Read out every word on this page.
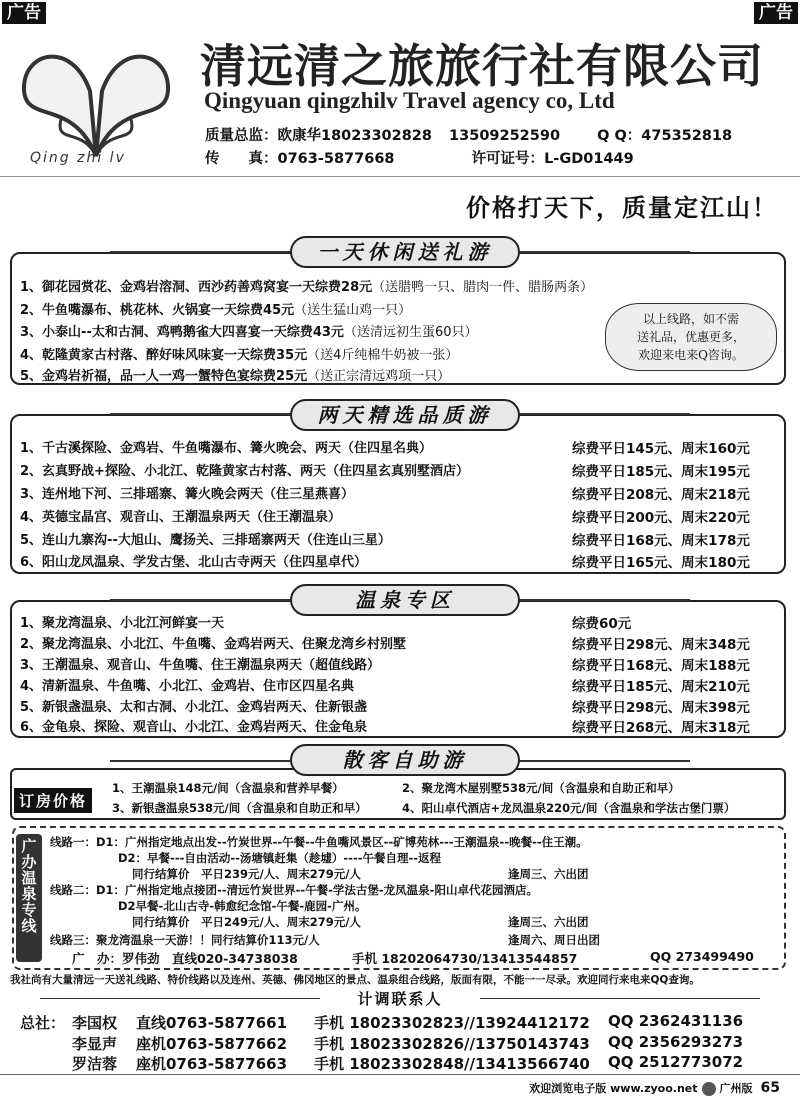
广告	广告
Qing zhi lv
清远清之旅旅行社有限公司
Qingyuan qingzhilv Travel agency co, Ltd
质量总监：欧康华18023302828 13509252590	Q Q：475352818
传　　真：0763-5877668	许可证号：L-GD01449
价格打天下，质量定江山！
一天休闲送礼游
1、御花园赏花、金鸡岩溶洞、西沙药善鸡窝宴一天综费28元（送腊鸭一只、腊肉一件、腊肠两条）
2、牛鱼嘴瀑布、桃花林、火锅宴一天综费45元（送生猛山鸡一只）
3、小泰山--太和古洞、鸡鸭鹅雀大四喜宴一天综费43元（送清远初生蛋60只）
4、乾隆黄家古村落、醉好味风味宴一天综费35元（送4斤纯棉牛奶被一张）
5、金鸡岩祈福，品一人一鸡一蟹特色宴综费25元（送正宗清远鸡项一只）
以上线路，如不需
送礼品，优惠更多，
欢迎来电来Q咨询。
两天精选品质游
1、千古溪探险、金鸡岩、牛鱼嘴瀑布、篝火晚会、两天（住四星名典）	综费平日145元、周末160元
2、玄真野战+探险、小北江、乾隆黄家古村落、两天（住四星玄真别墅酒店）	综费平日185元、周末195元
3、连州地下河、三排瑶寨、篝火晚会两天（住三星燕喜）	综费平日208元、周末218元
4、英德宝晶宫、观音山、王潮温泉两天（住王潮温泉）	综费平日200元、周末220元
5、连山九寨沟--大旭山、鹰扬关、三排瑶寨两天（住连山三星）	综费平日168元、周末178元
6、阳山龙凤温泉、学发古堡、北山古寺两天（住四星卓代）	综费平日165元、周末180元
温泉专区
1、聚龙湾温泉、小北江河鲜宴一天	综费60元
2、聚龙湾温泉、小北江、牛鱼嘴、金鸡岩两天、住聚龙湾乡村别墅	综费平日298元、周末348元
3、王潮温泉、观音山、牛鱼嘴、住王潮温泉两天（超值线路）	综费平日168元、周末188元
4、清新温泉、牛鱼嘴、小北江、金鸡岩、住市区四星名典	综费平日185元、周末210元
5、新银盏温泉、太和古洞、小北江、金鸡岩两天、住新银盏	综费平日298元、周末398元
6、金龟泉、探险、观音山、小北江、金鸡岩两天、住金龟泉	综费平日268元、周末318元
散客自助游
订房价格
1、王潮温泉148元/间（含温泉和营养早餐）	2、聚龙湾木屋别墅538元/间（含温泉和自助正和早）
3、新银盏温泉538元/间（含温泉和自助正和早）	4、阳山卓代酒店+龙凤温泉220元/间（含温泉和学法古堡门票）
广办温泉专线
线路一：D1：广州指定地点出发--竹炭世界--午餐--牛鱼嘴风景区--矿博苑林---王潮温泉--晚餐--住王潮。
D2：早餐---自由活动--汤塘镇赶集（趁墟）----午餐自理--返程
同行结算价　平日239元/人、周末279元/人	逢周三、六出团
线路二：D1：广州指定地点接团--清远竹炭世界--午餐-学法古堡-龙凤温泉-阳山卓代花园酒店。
D2早餐-北山古寺-韩愈纪念馆-午餐-鹿园-广州。
同行结算价　平日249元/人、周末279元/人	逢周三、六出团
线路三：聚龙湾温泉一天游！！同行结算价113元/人	逢周六、周日出团
广　办：罗伟劲　直线020-34738038	手机 18202064730/13413544857	QQ 273499490
我社尚有大量清远一天送礼线路、特价线路以及连州、英德、佛冈地区的景点、温泉组合线路，版面有限，不能一一尽录。欢迎同行来电来QQ查询。
计调联系人
总社： 李国权 直线0763-5877661 手机 18023302823//13924412172 QQ 2362431136
李显声 座机0763-5877662 手机 18023302826//13750143743 QQ 2356293273
罗洁蓉 座机0763-5877663 手机 18023302848//13413566740 QQ 2512773072
欢迎浏览电子版 www.zyoo.net 广州版 65
